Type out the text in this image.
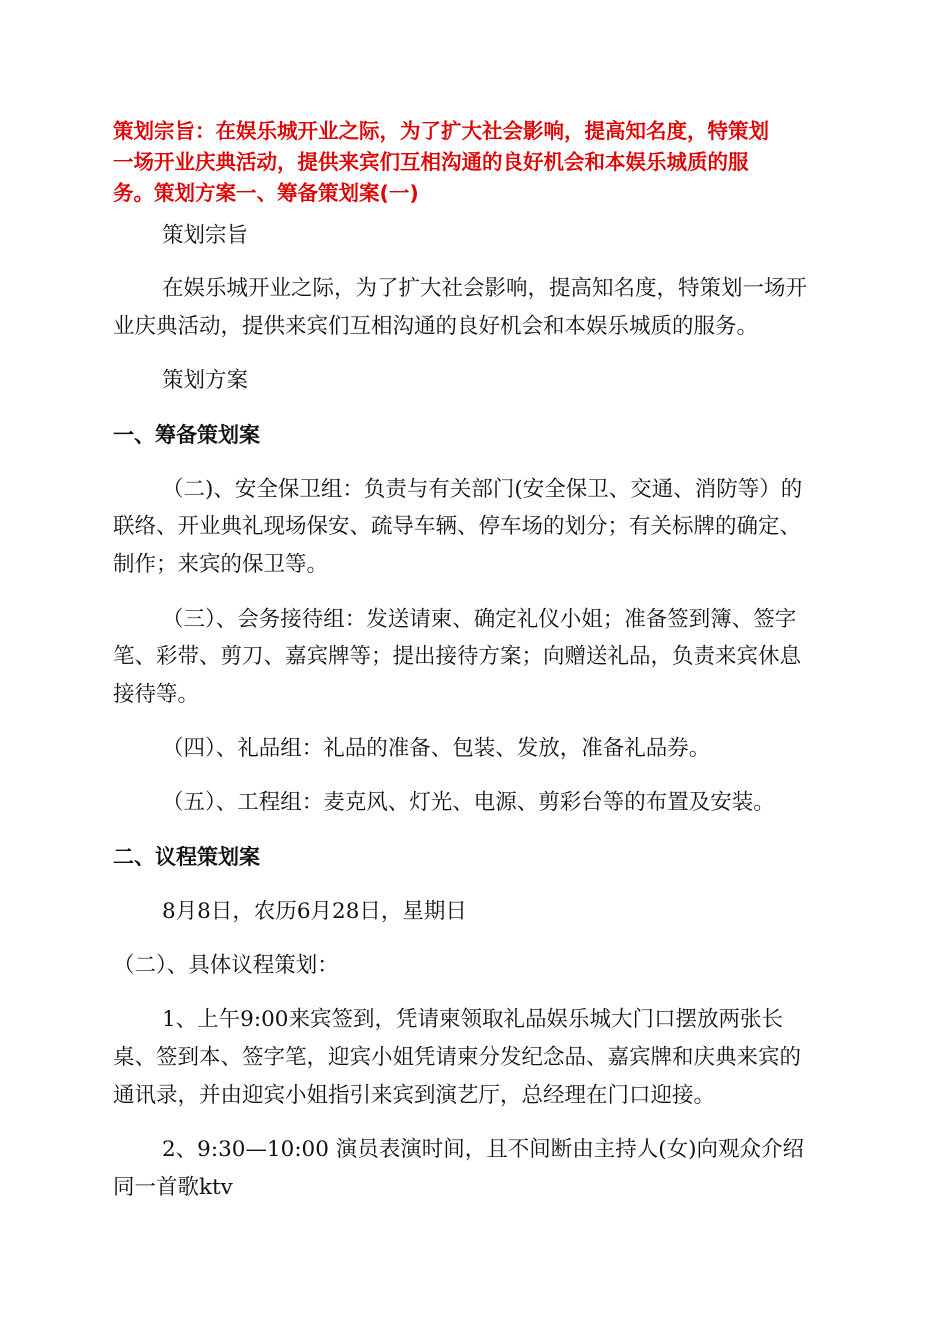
策划宗旨：在娱乐城开业之际，为了扩大社会影响，提高知名度，特策划
一场开业庆典活动，提供来宾们互相沟通的良好机会和本娱乐城质的服
务。策划方案一、筹备策划案(一)
策划宗旨
在娱乐城开业之际，为了扩大社会影响，提高知名度，特策划一场开
业庆典活动，提供来宾们互相沟通的良好机会和本娱乐城质的服务。
策划方案
一、筹备策划案
（二)、安全保卫组：负责与有关部门(安全保卫、交通、消防等）的
联络、开业典礼现场保安、疏导车辆、停车场的划分；有关标牌的确定、
制作；来宾的保卫等。
（三）、会务接待组：发送请柬、确定礼仪小姐；准备签到簿、签字
笔、彩带、剪刀、嘉宾牌等；提出接待方案；向赠送礼品，负责来宾休息
接待等。
（四）、礼品组：礼品的准备、包装、发放，准备礼品券。
（五）、工程组：麦克风、灯光、电源、剪彩台等的布置及安装。
二、议程策划案
8月8日，农历6月28日，星期日
（二）、具体议程策划：
1、上午9:00来宾签到，凭请柬领取礼品娱乐城大门口摆放两张长
桌、签到本、签字笔，迎宾小姐凭请柬分发纪念品、嘉宾牌和庆典来宾的
通讯录，并由迎宾小姐指引来宾到演艺厅，总经理在门口迎接。
2、9:30—10:00 演员表演时间，且不间断由主持人(女)向观众介绍
同一首歌ktv
